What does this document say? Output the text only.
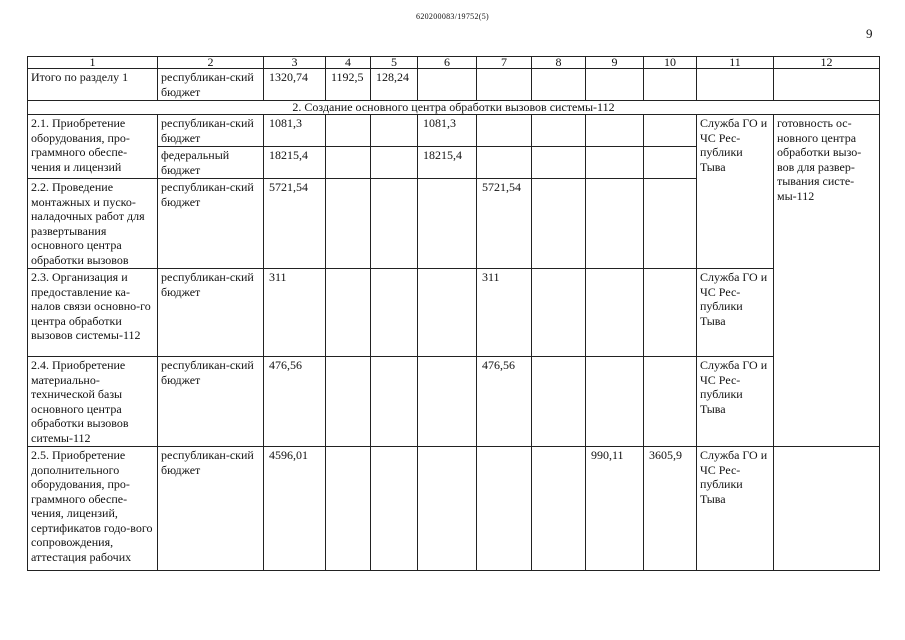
620200083/19752(5)
9
1	2	3	4	5	6	7	8	9	10	11	12
Итого по разделу 1	республикан-ский бюджет	1320,74	1192,5	128,24							
2. Создание основного центра обработки вызовов системы-112											
2.1. Приобретение оборудования, про-граммного обеспе-чения и лицензий	республикан-ский бюджет	1081,3			1081,3					Служба ГО и ЧС Рес-публики Тыва	готовность ос-новного центра обработки вызо-вов для развер-тывания систе-мы-112
	федеральный бюджет	18215,4			18215,4						
2.2. Проведение монтажных и пуско-наладочных работ для развертывания основного центра обработки вызовов	республикан-ский бюджет	5721,54				5721,54					
2.3. Организация и предоставление ка-налов связи основно-го центра обработки вызовов системы-112	республикан-ский бюджет	311				311				Служба ГО и ЧС Рес-публики Тыва	
2.4. Приобретение материально-технической базы основного центра обработки вызовов ситемы-112	республикан-ский бюджет	476,56				476,56				Служба ГО и ЧС Рес-публики Тыва	
2.5. Приобретение дополнительного оборудования, про-граммного обеспе-чения, лицензий, сертификатов годо-вого сопровождения, аттестация рабочих	республикан-ский бюджет	4596,01						990,11	3605,9	Служба ГО и ЧС Рес-публики Тыва	
